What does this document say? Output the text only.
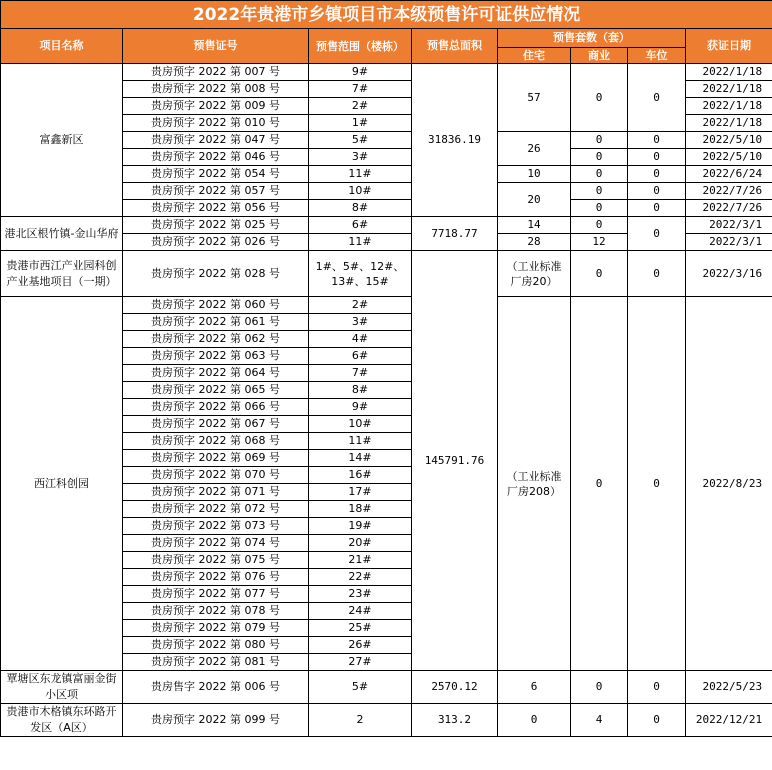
2022年贵港市乡镇项目市本级预售许可证供应情况							
项目名称	预售证号	预售范围（楼栋）	预售总面积	预售套数（套）			获证日期
				住宅	商业	车位	
富鑫新区	贵房预字 2022 第 007 号	9#	31836.19	57	0	0	2022/1/18
	贵房预字 2022 第 008 号	7#					2022/1/18
	贵房预字 2022 第 009 号	2#					2022/1/18
	贵房预字 2022 第 010 号	1#					2022/1/18
	贵房预字 2022 第 047 号	5#		26	0	0	2022/5/10
	贵房预字 2022 第 046 号	3#			0	0	2022/5/10
	贵房预字 2022 第 054 号	11#		10	0	0	2022/6/24
	贵房预字 2022 第 057 号	10#		20	0	0	2022/7/26
	贵房预字 2022 第 056 号	8#			0	0	2022/7/26
港北区根竹镇-金山华府	贵房预字 2022 第 025 号	6#	7718.77	14	0	0	2022/3/1
	贵房预字 2022 第 026 号	11#		28	12		2022/3/1
贵港市西江产业园科创产业基地项目（一期）	贵房预字 2022 第 028 号	1#、5#、12#、13#、15#	145791.76	（工业标准厂房20）	0	0	2022/3/16
西江科创园	贵房预字 2022 第 060 号	2#		（工业标准厂房208）	0	0	2022/8/23
	贵房预字 2022 第 061 号	3#					
	贵房预字 2022 第 062 号	4#					
	贵房预字 2022 第 063 号	6#					
	贵房预字 2022 第 064 号	7#					
	贵房预字 2022 第 065 号	8#					
	贵房预字 2022 第 066 号	9#					
	贵房预字 2022 第 067 号	10#					
	贵房预字 2022 第 068 号	11#					
	贵房预字 2022 第 069 号	14#					
	贵房预字 2022 第 070 号	16#					
	贵房预字 2022 第 071 号	17#					
	贵房预字 2022 第 072 号	18#					
	贵房预字 2022 第 073 号	19#					
	贵房预字 2022 第 074 号	20#					
	贵房预字 2022 第 075 号	21#					
	贵房预字 2022 第 076 号	22#					
	贵房预字 2022 第 077 号	23#					
	贵房预字 2022 第 078 号	24#					
	贵房预字 2022 第 079 号	25#					
	贵房预字 2022 第 080 号	26#					
	贵房预字 2022 第 081 号	27#					
覃塘区东龙镇富丽金街小区项	贵房售字 2022 第 006 号	5#	2570.12	6	0	0	2022/5/23
贵港市木格镇东环路开发区（A区）	贵房预字 2022 第 099 号	2	313.2	0	4	0	2022/12/21
